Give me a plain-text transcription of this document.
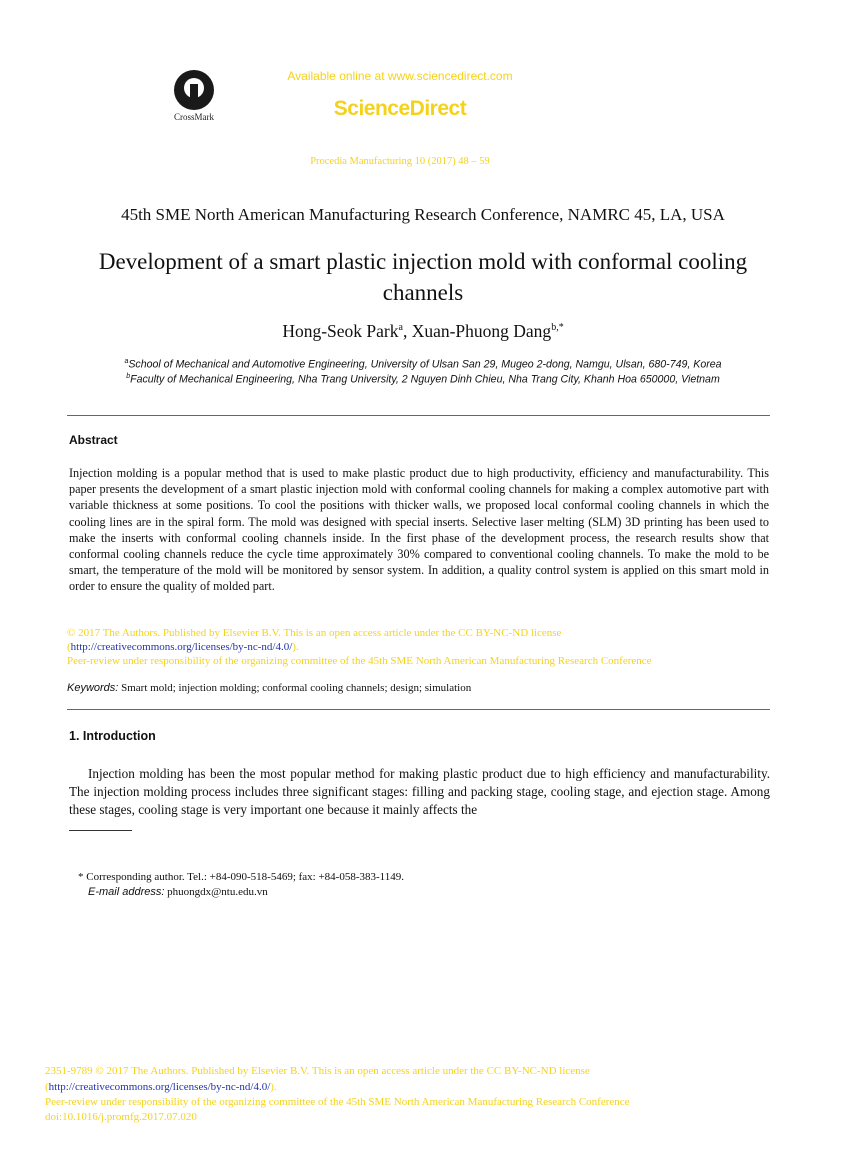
CrossMark
Available online at www.sciencedirect.com
ScienceDirect
Procedia Manufacturing 10 (2017) 48 – 59
45th SME North American Manufacturing Research Conference, NAMRC 45, LA, USA
Development of a smart plastic injection mold with conformal cooling channels
Hong-Seok Park$^a$, Xuan-Phuong Dang$^{b,*}$
$^a$School of Mechanical and Automotive Engineering, University of Ulsan San 29, Mugeo 2-dong, Namgu, Ulsan, 680-749, Korea
$^b$Faculty of Mechanical Engineering, Nha Trang University, 2 Nguyen Dinh Chieu, Nha Trang City, Khanh Hoa 650000, Vietnam
Abstract
Injection molding is a popular method that is used to make plastic product due to high productivity, efficiency and manufacturability. This paper presents the development of a smart plastic injection mold with conformal cooling channels for making a complex automotive part with variable thickness at some positions. To cool the positions with thicker walls, we proposed local conformal cooling channels in which the cooling lines are in the spiral form. The mold was designed with special inserts. Selective laser melting (SLM) 3D printing has been used to make the inserts with conformal cooling channels inside. In the first phase of the development process, the research results show that conformal cooling channels reduce the cycle time approximately 30% compared to conventional cooling channels. To make the mold to be smart, the temperature of the mold will be monitored by sensor system. In addition, a quality control system is applied on this smart mold in order to ensure the quality of molded part.
© 2017 The Authors. Published by Elsevier B.V. This is an open access article under the CC BY-NC-ND license
(http://creativecommons.org/licenses/by-nc-nd/4.0/).
Peer-review under responsibility of the organizing committee of the 45th SME North American Manufacturing Research Conference
Keywords: Smart mold; injection molding; conformal cooling channels; design; simulation
1. Introduction
Injection molding has been the most popular method for making plastic product due to high efficiency and manufacturability. The injection molding process includes three significant stages: filling and packing stage, cooling stage, and ejection stage. Among these stages, cooling stage is very important one because it mainly affects the
* Corresponding author. Tel.: +84-090-518-5469; fax: +84-058-383-1149.
E-mail address: phuongdx@ntu.edu.vn
2351-9789 © 2017 The Authors. Published by Elsevier B.V. This is an open access article under the CC BY-NC-ND license
(http://creativecommons.org/licenses/by-nc-nd/4.0/).
Peer-review under responsibility of the organizing committee of the 45th SME North American Manufacturing Research Conference
doi:10.1016/j.promfg.2017.07.020
